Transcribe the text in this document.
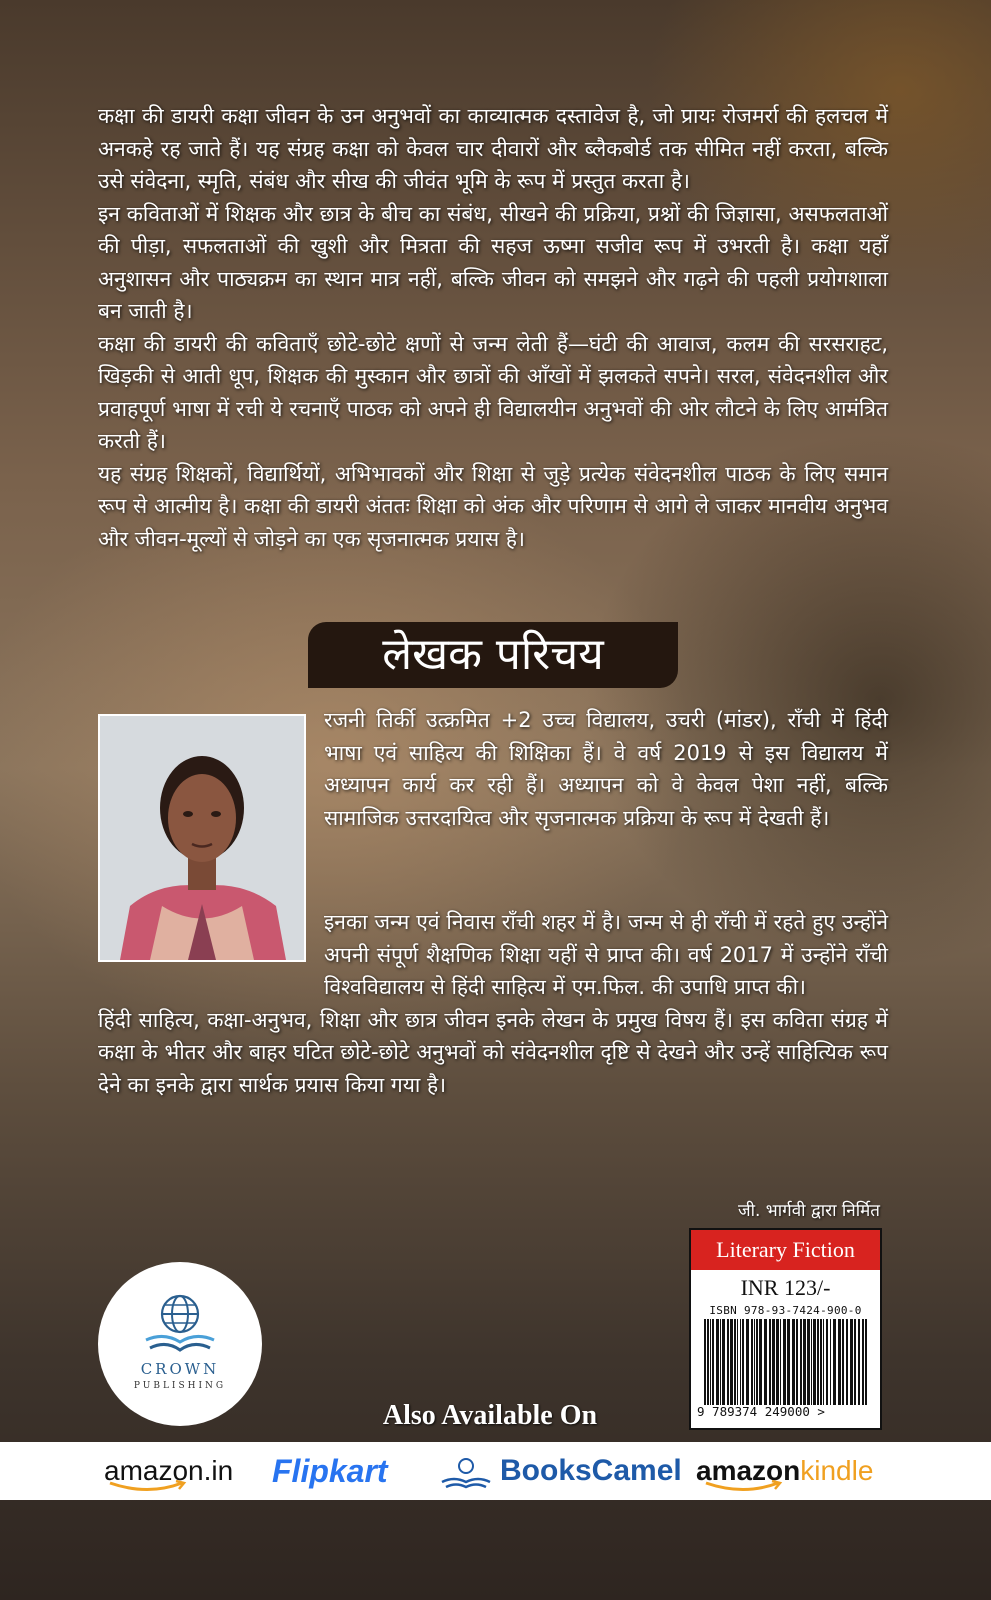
कक्षा की डायरी कक्षा जीवन के उन अनुभवों का काव्यात्मक दस्तावेज है, जो प्रायः रोजमर्रा की हलचल में अनकहे रह जाते हैं। यह संग्रह कक्षा को केवल चार दीवारों और ब्लैकबोर्ड तक सीमित नहीं करता, बल्कि उसे संवेदना, स्मृति, संबंध और सीख की जीवंत भूमि के रूप में प्रस्तुत करता है।

इन कविताओं में शिक्षक और छात्र के बीच का संबंध, सीखने की प्रक्रिया, प्रश्नों की जिज्ञासा, असफलताओं की पीड़ा, सफलताओं की खुशी और मित्रता की सहज ऊष्मा सजीव रूप में उभरती है। कक्षा यहाँ अनुशासन और पाठ्यक्रम का स्थान मात्र नहीं, बल्कि जीवन को समझने और गढ़ने की पहली प्रयोगशाला बन जाती है।

कक्षा की डायरी की कविताएँ छोटे-छोटे क्षणों से जन्म लेती हैं—घंटी की आवाज, कलम की सरसराहट, खिड़की से आती धूप, शिक्षक की मुस्कान और छात्रों की आँखों में झलकते सपने। सरल, संवेदनशील और प्रवाहपूर्ण भाषा में रची ये रचनाएँ पाठक को अपने ही विद्यालयीन अनुभवों की ओर लौटने के लिए आमंत्रित करती हैं।

यह संग्रह शिक्षकों, विद्यार्थियों, अभिभावकों और शिक्षा से जुड़े प्रत्येक संवेदनशील पाठक के लिए समान रूप से आत्मीय है। कक्षा की डायरी अंततः शिक्षा को अंक और परिणाम से आगे ले जाकर मानवीय अनुभव और जीवन-मूल्यों से जोड़ने का एक सृजनात्मक प्रयास है।

लेखक परिचय

रजनी तिर्की उत्क्रमित +2 उच्च विद्यालय, उचरी (मांडर), राँची में हिंदी भाषा एवं साहित्य की शिक्षिका हैं। वे वर्ष 2019 से इस विद्यालय में अध्यापन कार्य कर रही हैं। अध्यापन को वे केवल पेशा नहीं, बल्कि सामाजिक उत्तरदायित्व और सृजनात्मक प्रक्रिया के रूप में देखती हैं।

इनका जन्म एवं निवास राँची शहर में है। जन्म से ही राँची में रहते हुए उन्होंने अपनी संपूर्ण शैक्षणिक शिक्षा यहीं से प्राप्त की। वर्ष 2017 में उन्होंने राँची विश्वविद्यालय से हिंदी साहित्य में एम.फिल. की उपाधि प्राप्त की।

हिंदी साहित्य, कक्षा-अनुभव, शिक्षा और छात्र जीवन इनके लेखन के प्रमुख विषय हैं। इस कविता संग्रह में कक्षा के भीतर और बाहर घटित छोटे-छोटे अनुभवों को संवेदनशील दृष्टि से देखने और उन्हें साहित्यिक रूप देने का इनके द्वारा सार्थक प्रयास किया गया है।

जी. भार्गवी द्वारा निर्मित
Literary Fiction
INR 123/-
ISBN 978-93-7424-900-0
9 789374 249000 >
CROWN
PUBLISHING
Also Available On
amazon.in Flipkart	BooksCamel amazonkindle
